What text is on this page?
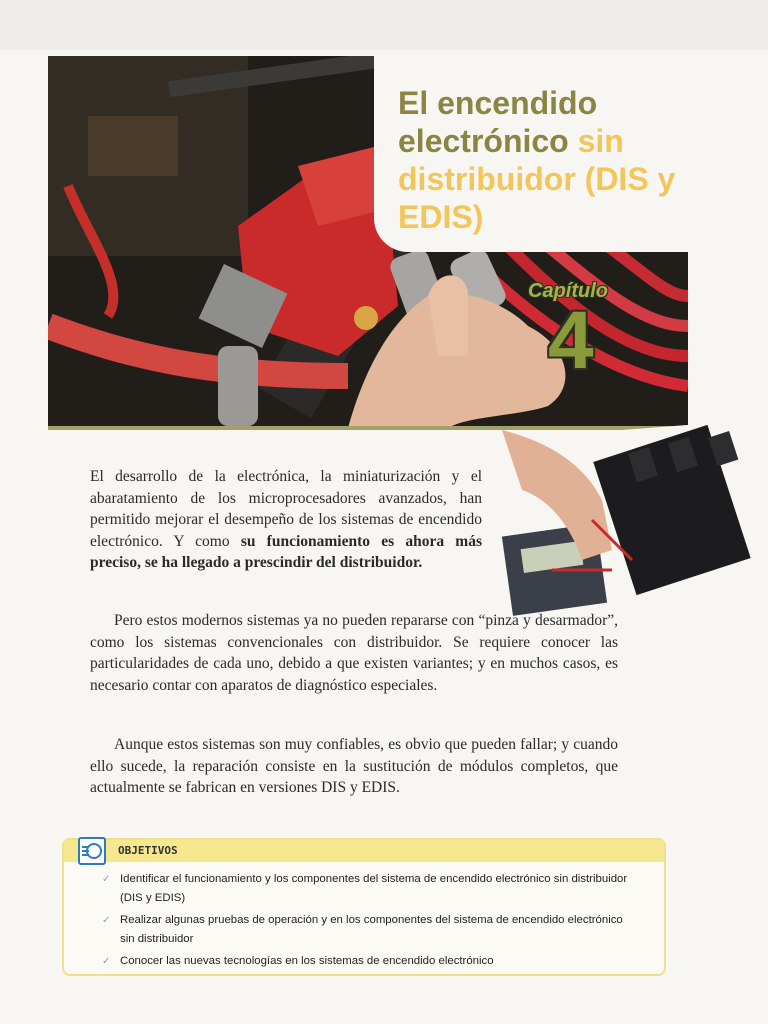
El encendido electrónico sin distribuidor (DIS y EDIS)
Capítulo
4

El desarrollo de la electrónica, la miniaturización y el abaratamiento de los microprocesadores avanzados, han permitido mejorar el desempeño de los sistemas de encendido electrónico. Y como su funcionamiento es ahora más preciso, se ha llegado a prescindir del distribuidor.

Pero estos modernos sistemas ya no pueden repararse con “pinza y desarmador”, como los sistemas convencionales con distribuidor. Se requiere conocer las particularidades de cada uno, debido a que existen variantes; y en muchos casos, es necesario contar con aparatos de diagnóstico especiales.

Aunque estos sistemas son muy confiables, es obvio que pueden fallar; y cuando ello sucede, la reparación consiste en la sustitución de módulos completos, que actualmente se fabrican en versiones DIS y EDIS.

OBJETIVOS
✓ Identificar el funcionamiento y los componentes del sistema de encendido electrónico sin distribuidor (DIS y EDIS)
✓ Realizar algunas pruebas de operación y en los componentes del sistema de encendido electrónico sin distribuidor
✓ Conocer las nuevas tecnologías en los sistemas de encendido electrónico
